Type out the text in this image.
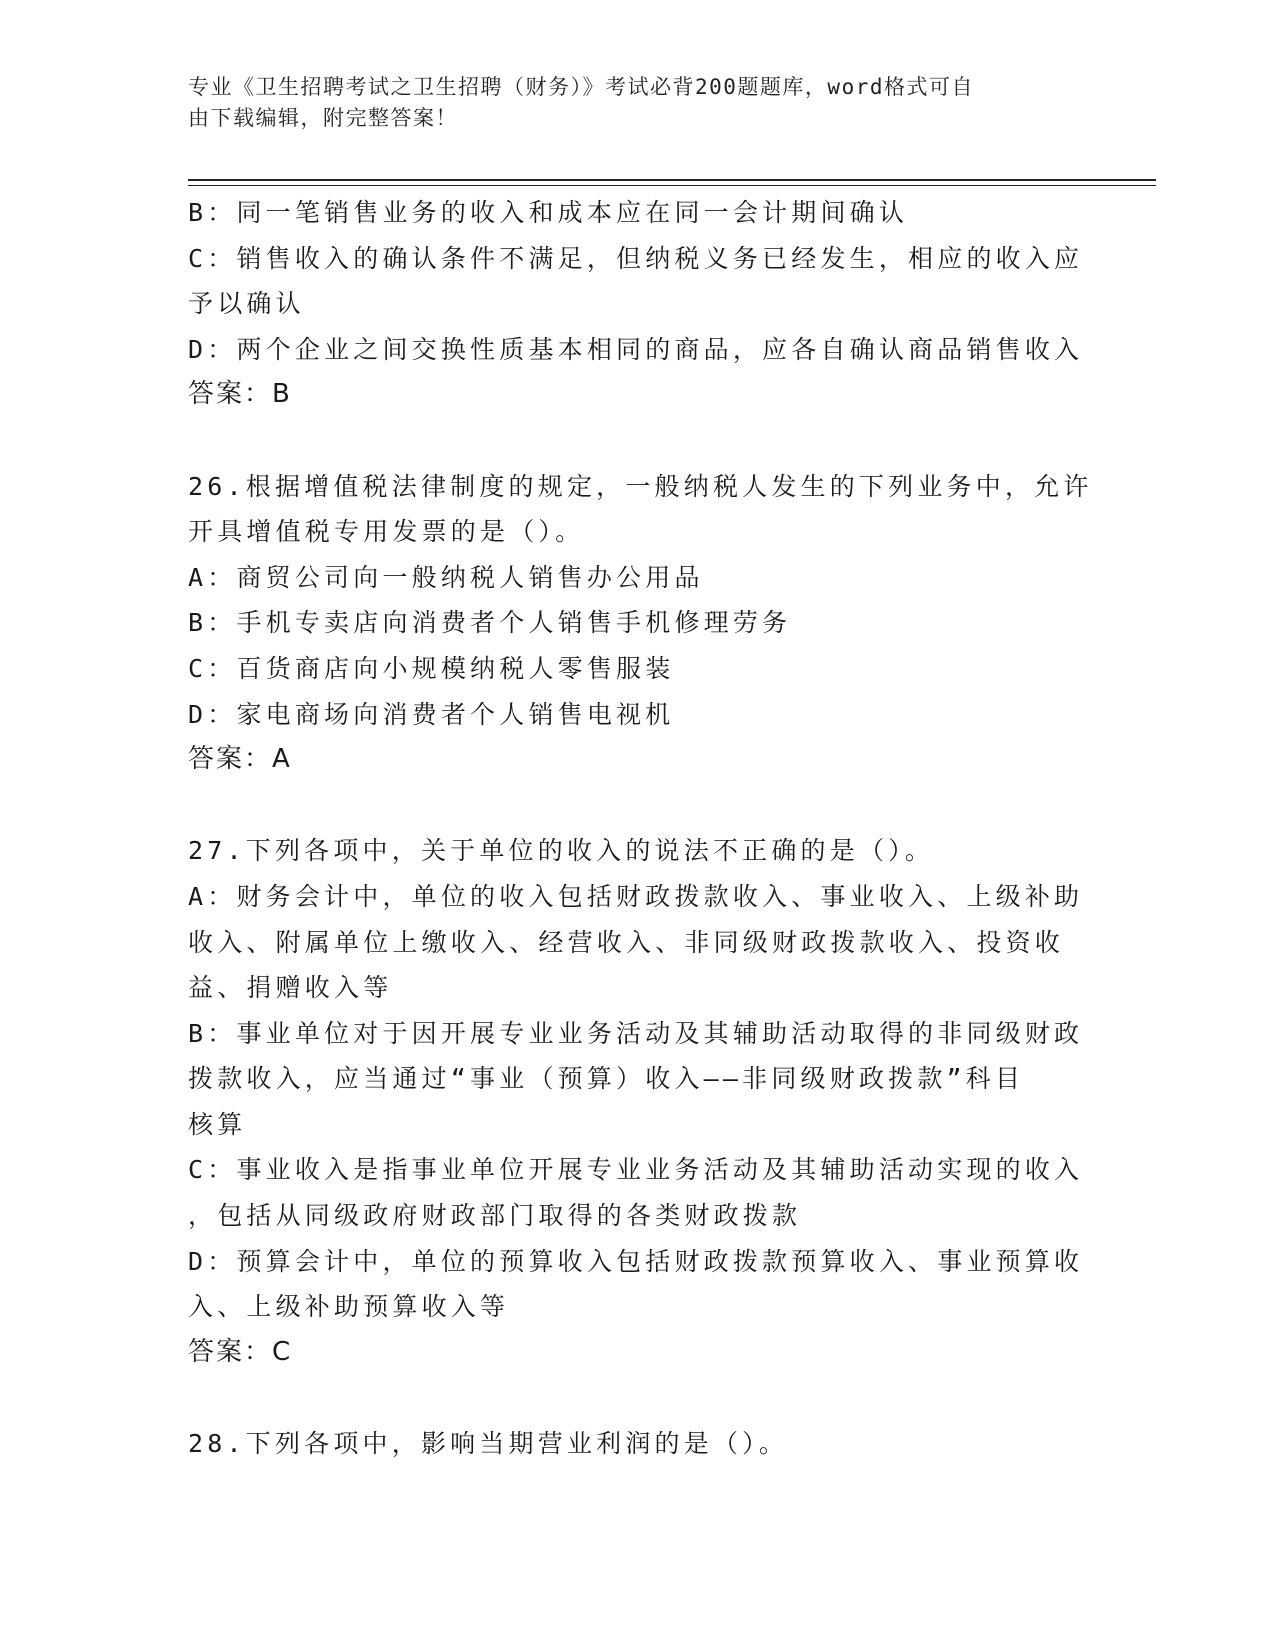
专业《卫生招聘考试之卫生招聘（财务）》考试必背200题题库，word格式可自
由下载编辑，附完整答案！
B：同一笔销售业务的收入和成本应在同一会计期间确认
C：销售收入的确认条件不满足，但纳税义务已经发生，相应的收入应
予以确认
D：两个企业之间交换性质基本相同的商品，应各自确认商品销售收入
答案：B
26.根据增值税法律制度的规定，一般纳税人发生的下列业务中，允许
开具增值税专用发票的是（）。
A：商贸公司向一般纳税人销售办公用品
B：手机专卖店向消费者个人销售手机修理劳务
C：百货商店向小规模纳税人零售服装
D：家电商场向消费者个人销售电视机
答案：A
27.下列各项中，关于单位的收入的说法不正确的是（）。
A：财务会计中，单位的收入包括财政拨款收入、事业收入、上级补助
收入、附属单位上缴收入、经营收入、非同级财政拨款收入、投资收
益、捐赠收入等
B：事业单位对于因开展专业业务活动及其辅助活动取得的非同级财政
拨款收入，应当通过“事业（预算）收入——非同级财政拨款”科目
核算
C：事业收入是指事业单位开展专业业务活动及其辅助活动实现的收入
，包括从同级政府财政部门取得的各类财政拨款
D：预算会计中，单位的预算收入包括财政拨款预算收入、事业预算收
入、上级补助预算收入等
答案：C
28.下列各项中，影响当期营业利润的是（）。
